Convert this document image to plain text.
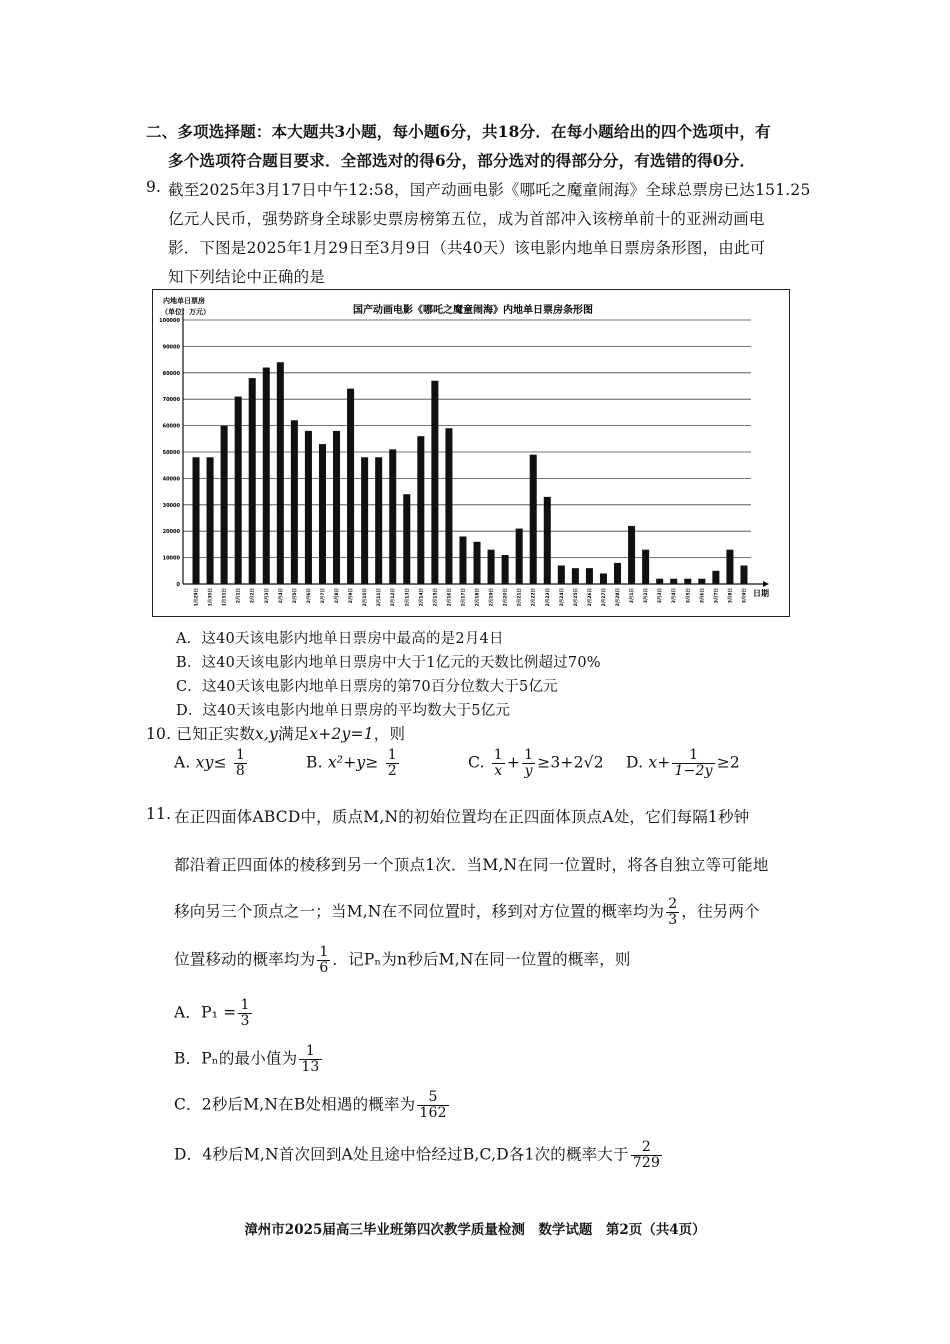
二、多项选择题：本大题共3小题，每小题6分，共18分．在每小题给出的四个选项中，有
多个选项符合题目要求．全部选对的得6分，部分选对的得部分分，有选错的得0分．
9. 截至2025年3月17日中午12:58，国产动画电影《哪吒之魔童闹海》全球总票房已达151.25
亿元人民币，强势跻身全球影史票房榜第五位，成为首部冲入该榜单前十的亚洲动画电
影．下图是2025年1月29日至3月9日（共40天）该电影内地单日票房条形图，由此可
知下列结论中正确的是
内地单日票房
（单位：万元）	国产动画电影《哪吒之魔童闹海》内地单日票房条形图
日期
0
10000
20000
30000
40000
50000
60000
70000
80000
90000
100000
1月29日	1月30日	1月31日	2月1日	2月2日	2月3日	2月4日	2月5日	2月6日	2月7日	2月8日	2月9日	2月10日	2月11日	2月12日	2月13日	2月14日	2月15日	2月16日	2月17日	2月18日	2月19日	2月20日	2月21日	2月22日	2月23日	2月24日	2月25日	2月26日	2月27日	2月28日	3月1日	3月2日	3月3日	3月4日	3月5日	3月6日	3月7日	3月8日	3月9日
A．这40天该电影内地单日票房中最高的是2月4日
B．这40天该电影内地单日票房中大于1亿元的天数比例超过70%
C．这40天该电影内地单日票房的第70百分位数大于5亿元
D．这40天该电影内地单日票房的平均数大于5亿元
10. 已知正实数x,y满足x+2y=1，则
A. $xy\le \frac{1}{8}$	B. $x^2+y\ge \frac{1}{2}$	C. $\frac{1}{x} + \frac{1}{y} \ge 3+2√2$ D. $x+ \frac{1}{1-2y} \ge 2$
11. 在正四面体ABCD中，质点M,N的初始位置均在正四面体顶点A处，它们每隔1秒钟
都沿着正四面体的棱移到另一个顶点1次．当M,N在同一位置时，将各自独立等可能地
移向另三个顶点之一；当M,N在不同位置时，移到对方位置的概率均为 $\frac{2}{3}$ ，往另两个
位置移动的概率均为 $\frac{1}{6}$ ．记Pₙ为n秒后M,N在同一位置的概率，则
A．$P_1 = \frac{1}{3}$
B．Pₙ的最小值为 $\frac{1}{13}$
C．2秒后M,N在B处相遇的概率为 $\frac{5}{162}$
D．4秒后M,N首次回到A处且途中恰经过B,C,D各1次的概率大于 $\frac{2}{729}$
漳州市2025届高三毕业班第四次教学质量检测　数学试题　第2页（共4页）
